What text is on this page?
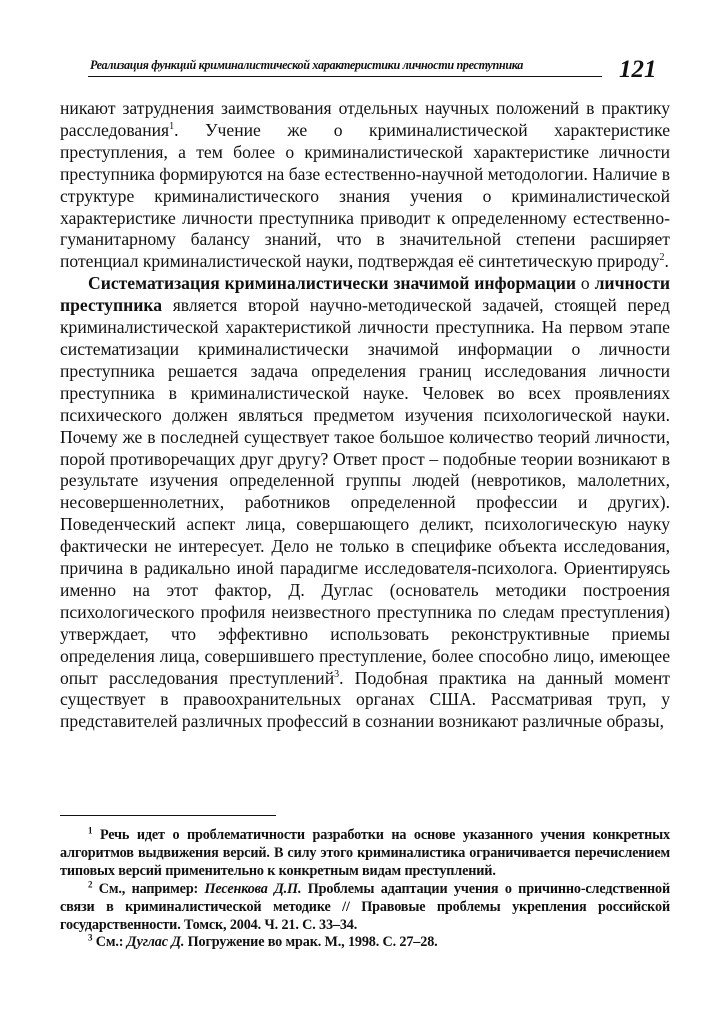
Реализация функций криминалистической характеристики личности преступника	121

никают затруднения заимствования отдельных научных положений в практику расследования$^1$. Учение же о криминалистической характеристике преступления, а тем более о криминалистической характеристике личности преступника формируются на базе естественно-научной методологии. Наличие в структуре криминалистического знания учения о криминалистической характеристике личности преступника приводит к определенному естественно-гуманитарному балансу знаний, что в значительной степени расширяет потенциал криминалистической науки, подтверждая её синтетическую природу$^2$.

Систематизация криминалистически значимой информации о личности преступника является второй научно-методической задачей, стоящей перед криминалистической характеристикой личности преступника. На первом этапе систематизации криминалистически значимой информации о личности преступника решается задача определения границ исследования личности преступника в криминалистической науке. Человек во всех проявлениях психического должен являться предметом изучения психологической науки. Почему же в последней существует такое большое количество теорий личности, порой противоречащих друг другу? Ответ прост – подобные теории возникают в результате изучения определенной группы людей (невротиков, малолетних, несовершеннолетних, работников определенной профессии и других). Поведенческий аспект лица, совершающего деликт, психологическую науку фактически не интересует. Дело не только в специфике объекта исследования, причина в радикально иной парадигме исследователя-психолога. Ориентируясь именно на этот фактор, Д. Дуглас (основатель методики построения психологического профиля неизвестного преступника по следам преступления) утверждает, что эффективно использовать реконструктивные приемы определения лица, совершившего преступление, более способно лицо, имеющее опыт расследования преступлений$^3$. Подобная практика на данный момент существует в правоохранительных органах США. Рассматривая труп, у представителей различных профессий в сознании возникают различные образы,

$^1$ Речь идет о проблематичности разработки на основе указанного учения конкретных алгоритмов выдвижения версий. В силу этого криминалистика ограничивается перечислением типовых версий применительно к конкретным видам преступлений.

$^2$ См., например: Песенкова Д.П. Проблемы адаптации учения о причинно-следственной связи в криминалистической методике // Правовые проблемы укрепления российской государственности. Томск, 2004. Ч. 21. С. 33–34.

$^3$ См.: Дуглас Д. Погружение во мрак. М., 1998. С. 27–28.
